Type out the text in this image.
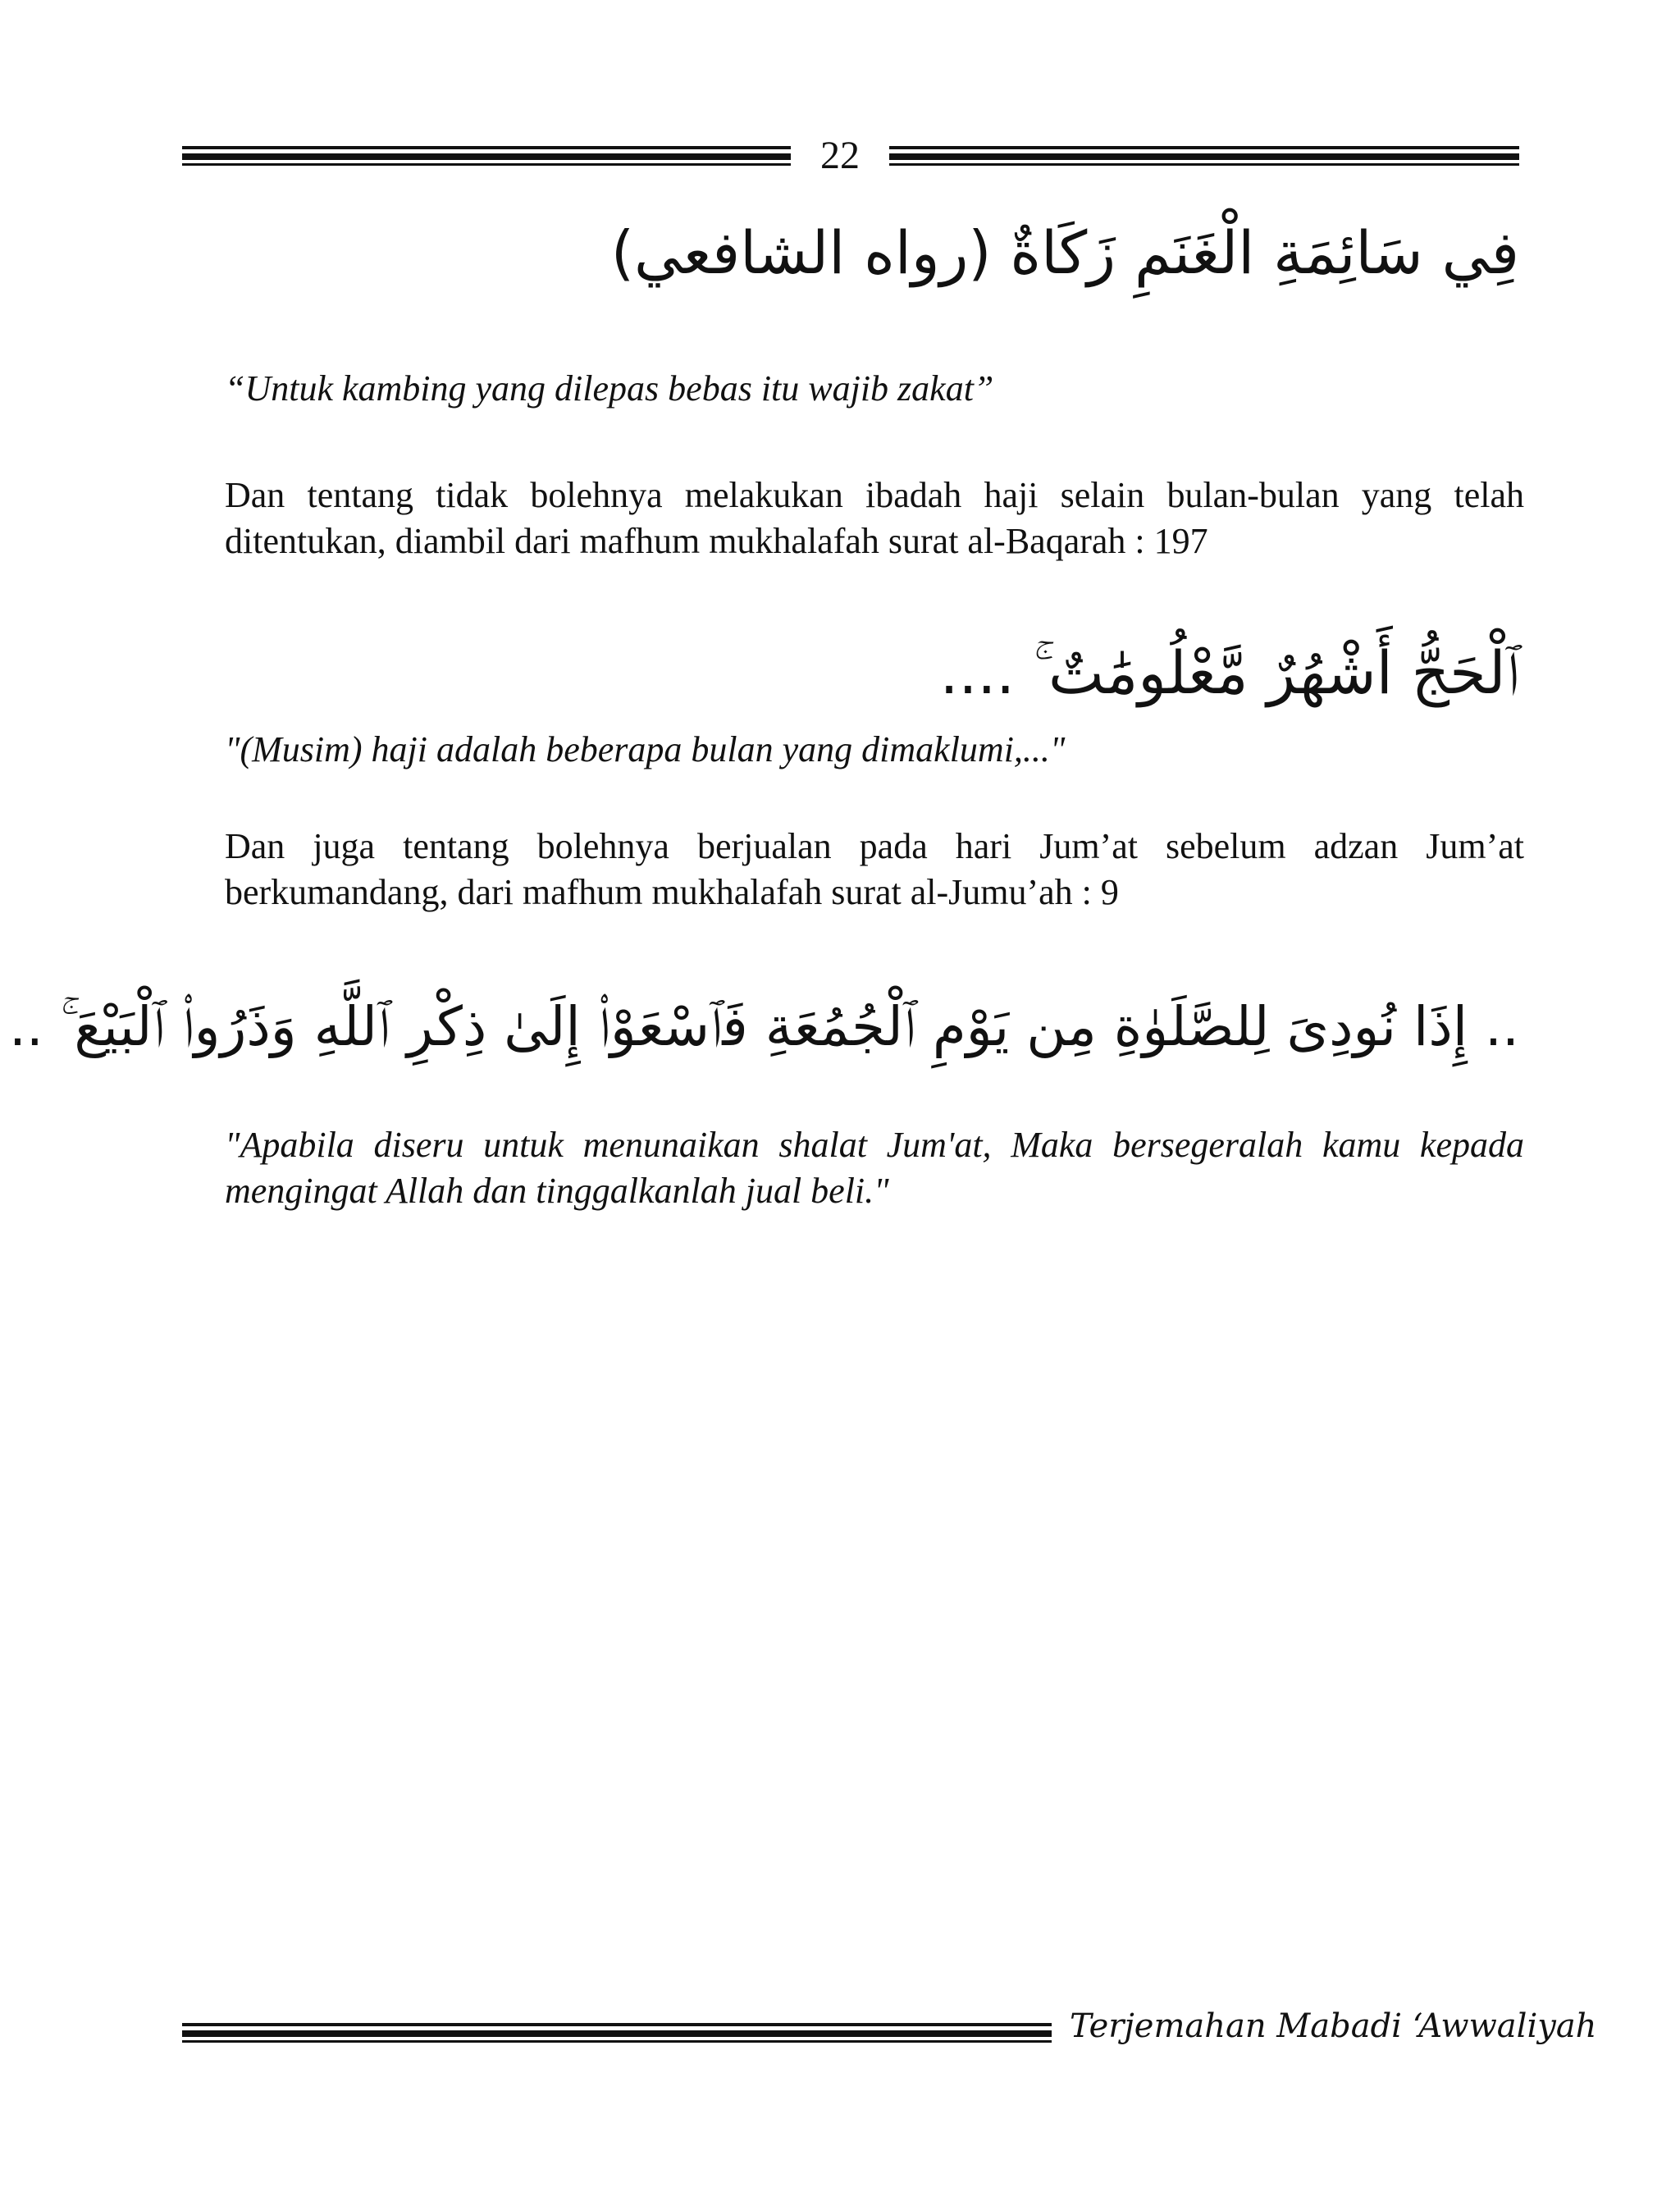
22
فِي سَائِمَةِ الْغَنَمِ زَكَاةٌ (رواه الشافعي)
“Untuk kambing yang dilepas bebas itu wajib zakat”
Dan tentang tidak bolehnya melakukan ibadah haji selain bulan-bulan yang telah ditentukan, diambil dari mafhum mukhalafah surat al-Baqarah : 197
ٱلْحَجُّ أَشْهُرٌ مَّعْلُومَٰتٌ ۚ ....
"(Musim) haji adalah beberapa bulan yang dimaklumi,..."
Dan juga tentang bolehnya berjualan pada hari Jum’at sebelum adzan Jum’at berkumandang, dari mafhum mukhalafah surat al-Jumu’ah : 9
.. إِذَا نُودِىَ لِلصَّلَوٰةِ مِن يَوْمِ ٱلْجُمُعَةِ فَٱسْعَوْا۟ إِلَىٰ ذِكْرِ ٱللَّهِ وَذَرُوا۟ ٱلْبَيْعَ ۚ ..
"Apabila diseru untuk menunaikan shalat Jum'at, Maka bersegeralah kamu kepada mengingat Allah dan tinggalkanlah jual beli."
Terjemahan Mabadi ‘Awwaliyah
